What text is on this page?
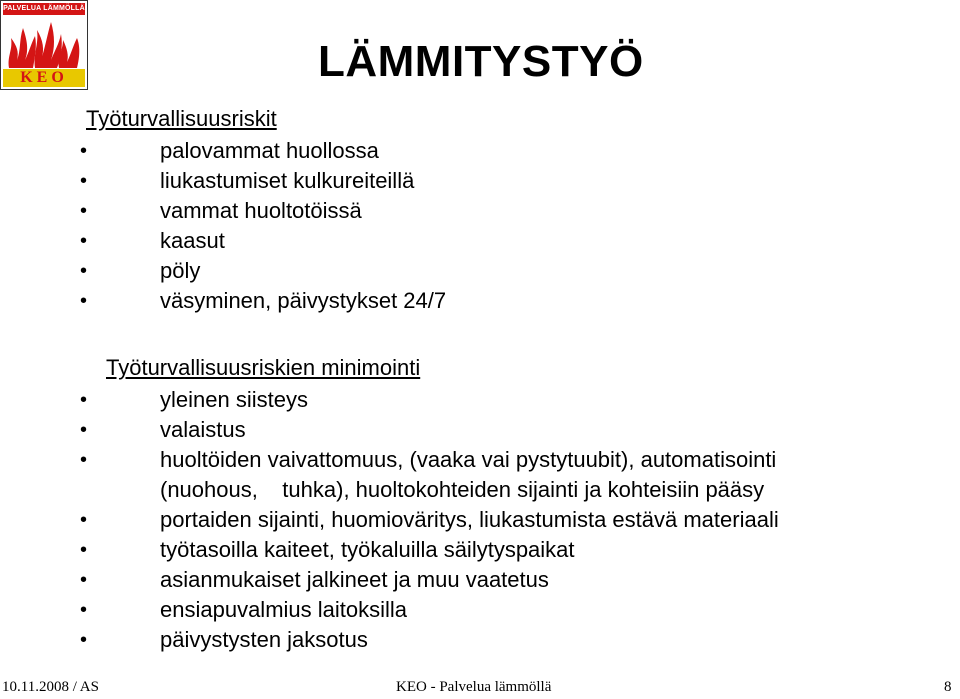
PALVELUA LÄMMÖLLÄ
KEO	LÄMMITYSTYÖ
Työturvallisuusriskit
•	palovammat huollossa
•	liukastumiset kulkureiteillä
•	vammat huoltotöissä
•	kaasut
•	pöly
•	väsyminen, päivystykset 24/7
Työturvallisuusriskien minimointi
•	yleinen siisteys
•	valaistus
•	huoltöiden vaivattomuus, (vaaka vai pystytuubit), automatisointi
(nuohous,    tuhka), huoltokohteiden sijainti ja kohteisiin pääsy
•	portaiden sijainti, huomioväritys, liukastumista estävä materiaali
•	työtasoilla kaiteet, työkaluilla säilytyspaikat
•	asianmukaiset jalkineet ja muu vaatetus
•	ensiapuvalmius laitoksilla
•	päivystysten jaksotus
10.11.2008 / AS	KEO - Palvelua lämmöllä	8
